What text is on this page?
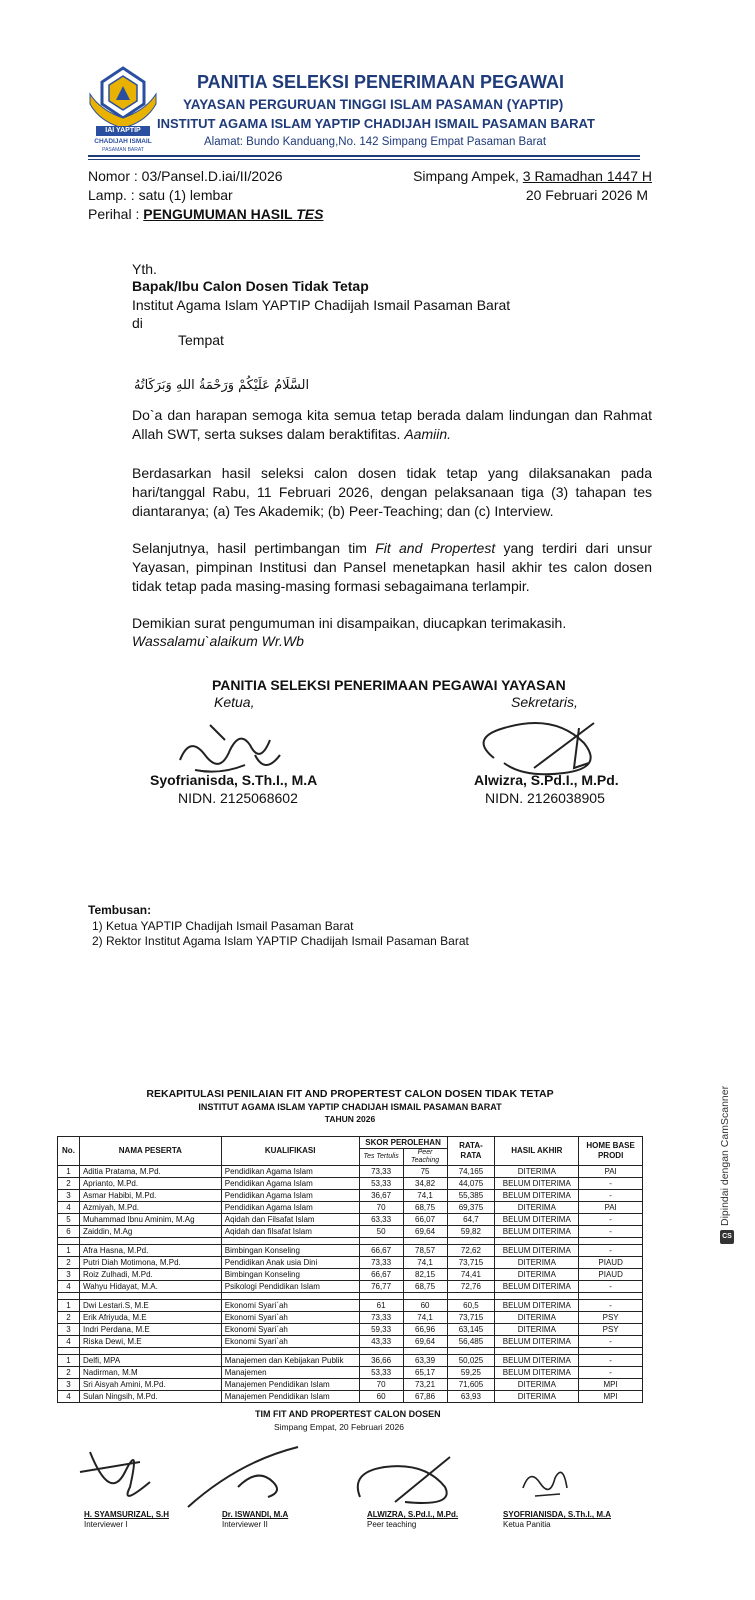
IAI YAPTIP
CHADIJAH ISMAIL
PASAMAN BARAT
PANITIA SELEKSI PENERIMAAN PEGAWAI
YAYASAN PERGURUAN TINGGI ISLAM PASAMAN (YAPTIP)
INSTITUT AGAMA ISLAM YAPTIP CHADIJAH ISMAIL PASAMAN BARAT
Alamat: Bundo Kanduang,No. 142 Simpang Empat Pasaman Barat
Nomor : 03/Pansel.D.iai/II/2026
Lamp. : satu (1) lembar
Perihal : PENGUMUMAN HASIL TES
Simpang Ampek, 3 Ramadhan 1447 H
20 Februari 2026 M
Yth.
Bapak/Ibu Calon Dosen Tidak Tetap
Institut Agama Islam YAPTIP Chadijah Ismail Pasaman Barat
di
Tempat
السَّلَامُ عَلَيْكُمْ وَرَحْمَةُ اللهِ وَبَرَكَاتُهُ
Do`a dan harapan semoga kita semua tetap berada dalam lindungan dan Rahmat Allah SWT, serta sukses dalam beraktifitas. Aamiin.
Berdasarkan hasil seleksi calon dosen tidak tetap yang dilaksanakan pada hari/tanggal Rabu, 11 Februari 2026, dengan pelaksanaan tiga (3) tahapan tes diantaranya; (a) Tes Akademik; (b) Peer-Teaching; dan (c) Interview.
Selanjutnya, hasil pertimbangan tim Fit and Propertest yang terdiri dari unsur Yayasan, pimpinan Institusi dan Pansel menetapkan hasil akhir tes calon dosen tidak tetap pada masing-masing formasi sebagaimana terlampir.
Demikian surat pengumuman ini disampaikan, diucapkan terimakasih.
Wassalamu`alaikum Wr.Wb
PANITIA SELEKSI PENERIMAAN PEGAWAI YAYASAN
Ketua,	Sekretaris,
Syofrianisda, S.Th.I., M.A
NIDN. 2125068602
Alwizra, S.Pd.I., M.Pd.
NIDN. 2126038905
Tembusan:
1) Ketua YAPTIP Chadijah Ismail Pasaman Barat
2) Rektor Institut Agama Islam YAPTIP Chadijah Ismail Pasaman Barat
CS
Dipindai dengan CamScanner
REKAPITULASI PENILAIAN FIT AND PROPERTEST CALON DOSEN TIDAK TETAP
INSTITUT AGAMA ISLAM YAPTIP CHADIJAH ISMAIL PASAMAN BARAT
TAHUN 2026
No.	NAMA PESERTA	KUALIFIKASI	SKOR PEROLEHAN		RATA-RATA	HASIL AKHIR	HOME BASE PRODI
			Tes Tertulis	Peer Teaching			
1	Aditia Pratama, M.Pd.	Pendidikan Agama Islam	73,33	75	74,165	DITERIMA	PAI
2	Aprianto, M.Pd.	Pendidikan Agama Islam	53,33	34,82	44,075	BELUM DITERIMA	-
3	Asmar Habibi, M.Pd.	Pendidikan Agama Islam	36,67	74,1	55,385	BELUM DITERIMA	-
4	Azmiyah, M.Pd.	Pendidikan Agama Islam	70	68,75	69,375	DITERIMA	PAI
5	Muhammad Ibnu Aminim, M.Ag	Aqidah dan Filsafat Islam	63,33	66,07	64,7	BELUM DITERIMA	-
6	Zaiddin, M.Ag	Aqidah dan filsafat Islam	50	69,64	59,82	BELUM DITERIMA	-

1	Afra Hasna, M.Pd.	Bimbingan Konseling	66,67	78,57	72,62	BELUM DITERIMA	-
2	Putri Diah Motimona, M.Pd.	Pendidikan Anak usia Dini	73,33	74,1	73,715	DITERIMA	PIAUD
3	Roiz Zulhadi, M.Pd.	Bimbingan Konseling	66,67	82,15	74,41	DITERIMA	PIAUD
4	Wahyu Hidayat, M.A.	Psikologi Pendidikan Islam	76,77	68,75	72,76	BELUM DITERIMA	-

1	Dwi Lestari.S, M.E	Ekonomi Syari`ah	61	60	60,5	BELUM DITERIMA	-
2	Erik Afriyuda, M.E	Ekonomi Syari`ah	73,33	74,1	73,715	DITERIMA	PSY
3	Indri Perdana, M.E	Ekonomi Syari`ah	59,33	66,96	63,145	DITERIMA	PSY
4	Riska Dewi, M.E	Ekonomi Syari`ah	43,33	69,64	56,485	BELUM DITERIMA	-

1	Delfi, MPA	Manajemen dan Kebijakan Publik	36,66	63,39	50,025	BELUM DITERIMA	-
2	Nadirman, M.M	Manajemen	53,33	65,17	59,25	BELUM DITERIMA	-
3	Sri Aisyah Amini, M.Pd.	Manajemen Pendidikan Islam	70	73,21	71,605	DITERIMA	MPI
4	Sulan Ningsih, M.Pd.	Manajemen Pendidikan Islam	60	67,86	63,93	DITERIMA	MPI
TIM FIT AND PROPERTEST CALON DOSEN
Simpang Empat, 20 Februari 2026
H. SYAMSURIZAL, S.H
Interviewer I
Dr. ISWANDI, M.A
Interviewer II
ALWIZRA, S.Pd.I., M.Pd.
Peer teaching
SYOFRIANISDA, S.Th.I., M.A
Ketua Panitia
